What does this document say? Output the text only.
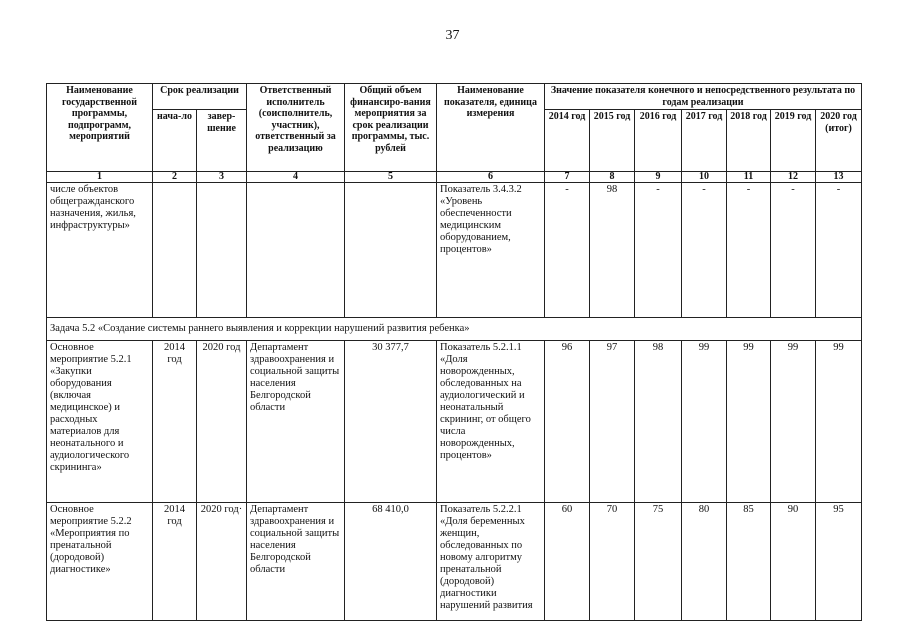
37
Наименование государственной программы, подпрограмм, мероприятий	Срок реализации		Ответственный исполнитель (соисполнитель, участник), ответственный за реализацию	Общий объем финансиро-вания мероприятия за срок реализации программы, тыс. рублей	Наименование показателя, единица измерения	Значение показателя конечного и непосредственного результата по годам реализации						
	нача-ло	завер-шение				2014 год	2015 год	2016 год	2017 год	2018 год	2019 год	2020 год (итог)
1	2	3	4	5	6	7	8	9	10	11	12	13
числе объектов общегражданского назначения, жилья, инфраструктуры»					Показатель 3.4.3.2 «Уровень обеспеченности медицинским оборудованием, процентов»	-	98	-	-	-	-	-
Задача 5.2 «Создание системы раннего выявления и коррекции нарушений развития ребенка»												
Основное мероприятие 5.2.1 «Закупки оборудования (включая медицинское) и расходных материалов для неонатального и аудиологического скрининга»	2014 год	2020 год	Департамент здравоохранения и социальной защиты населения Белгородской области	30 377,7	Показатель 5.2.1.1 «Доля новорожденных, обследованных на аудиологический и неонатальный скрининг, от общего числа новорожденных, процентов»	96	97	98	99	99	99	99
Основное мероприятие 5.2.2 «Мероприятия по пренатальной (дородовой) диагностике»	2014 год	2020 год·	Департамент здравоохранения и социальной защиты населения Белгородской области	68 410,0	Показатель 5.2.2.1 «Доля беременных женщин, обследованных по новому алгоритму пренатальной (дородовой) диагностики нарушений развития	60	70	75	80	85	90	95
